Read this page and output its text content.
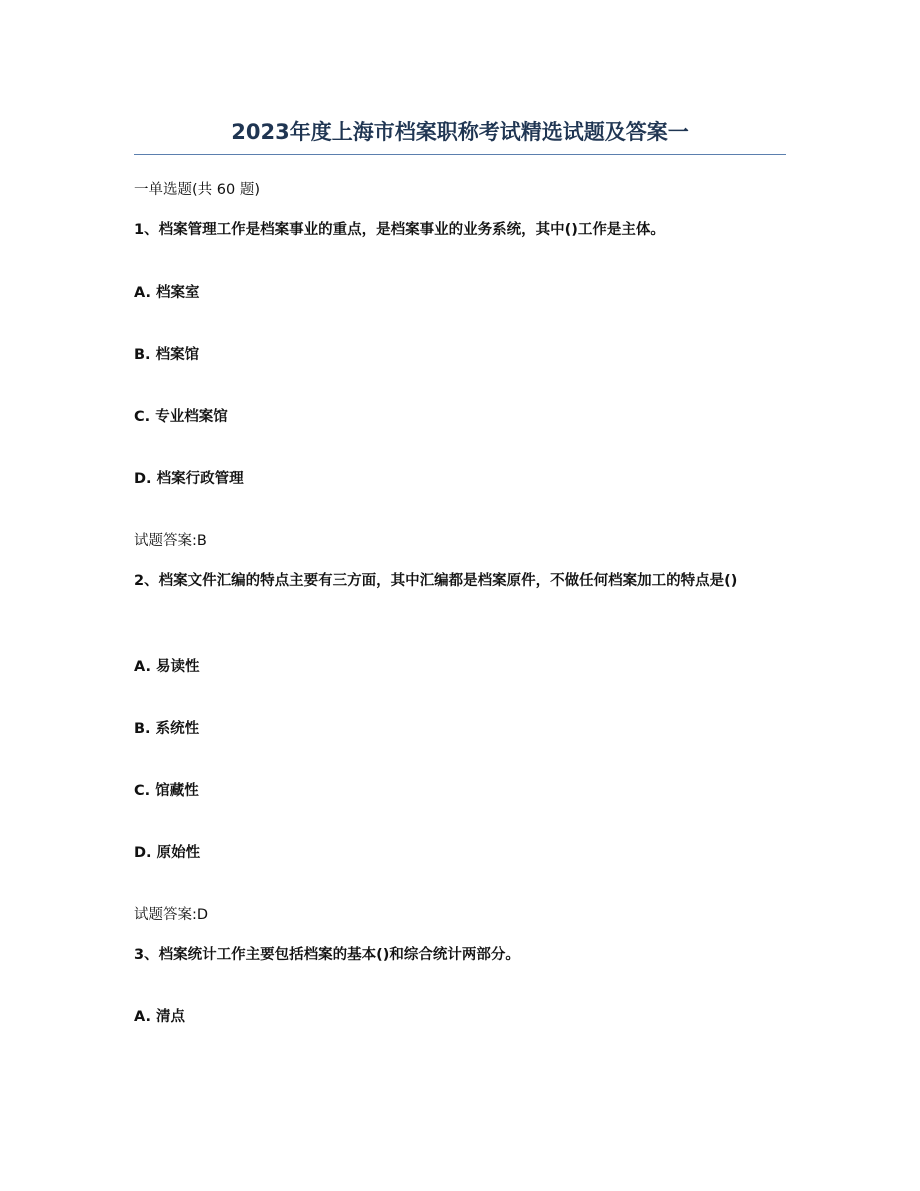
2023年度上海市档案职称考试精选试题及答案一
一单选题(共 60 题)
1、档案管理工作是档案事业的重点，是档案事业的业务系统，其中()工作是主体。
A. 档案室
B. 档案馆
C. 专业档案馆
D. 档案行政管理
试题答案:B
2、档案文件汇编的特点主要有三方面，其中汇编都是档案原件，不做任何档案加工的特点是()
A. 易读性
B. 系统性
C. 馆藏性
D. 原始性
试题答案:D
3、档案统计工作主要包括档案的基本()和综合统计两部分。
A. 清点
